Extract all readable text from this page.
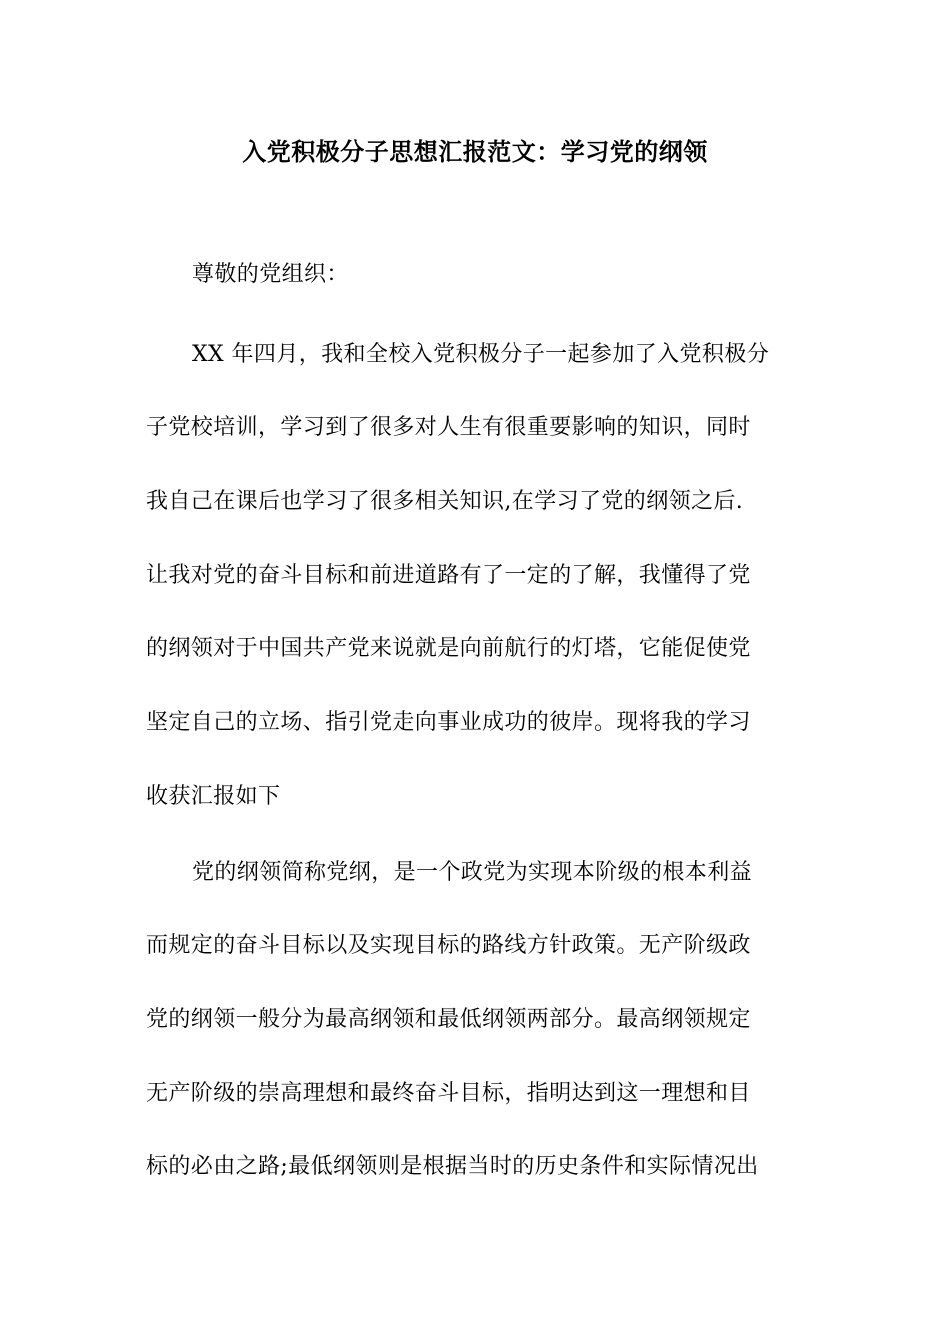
入党积极分子思想汇报范文：学习党的纲领
尊敬的党组织：
XX 年四月，我和全校入党积极分子一起参加了入党积极分
子党校培训，学习到了很多对人生有很重要影响的知识，同时
我自己在课后也学习了很多相关知识,在学习了党的纲领之后.
让我对党的奋斗目标和前进道路有了一定的了解，我懂得了党
的纲领对于中国共产党来说就是向前航行的灯塔，它能促使党
坚定自己的立场、指引党走向事业成功的彼岸。现将我的学习
收获汇报如下
党的纲领简称党纲，是一个政党为实现本阶级的根本利益
而规定的奋斗目标以及实现目标的路线方针政策。无产阶级政
党的纲领一般分为最高纲领和最低纲领两部分。最高纲领规定
无产阶级的崇高理想和最终奋斗目标，指明达到这一理想和目
标的必由之路;最低纲领则是根据当时的历史条件和实际情况出
